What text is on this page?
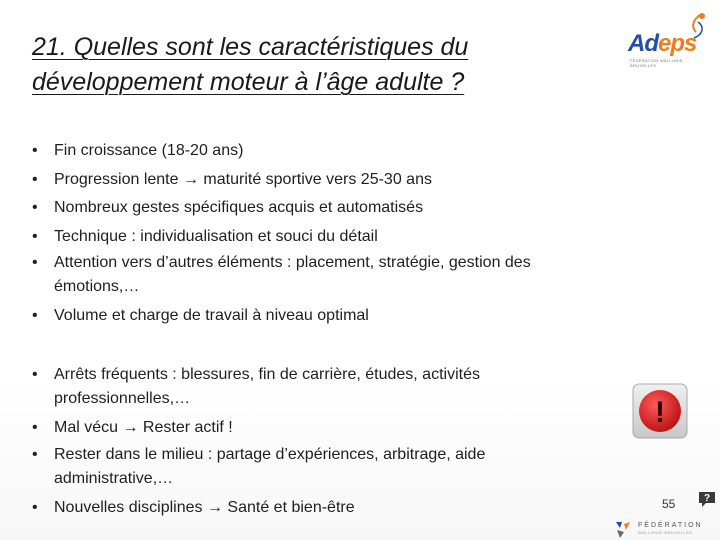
21. Quelles sont les caractéristiques du
développement moteur à l’âge adulte ?
Adeps
FÉDÉRATION WALLONIE-BRUXELLES
• Fin croissance (18-20 ans)
• Progression lente → maturité sportive vers 25-30 ans
• Nombreux gestes spécifiques acquis et automatisés
• Technique : individualisation et souci du détail
• Attention vers d’autres éléments : placement, stratégie, gestion des
émotions,…
• Volume et charge de travail à niveau optimal
• Arrêts fréquents : blessures, fin de carrière, études, activités
professionnelles,…
• Mal vécu → Rester actif !
• Rester dans le milieu : partage d’expériences, arbitrage, aide
administrative,…
• Nouvelles disciplines → Santé et bien-être
!
55	?
FÉDÉRATION
WALLONIE-BRUXELLES
